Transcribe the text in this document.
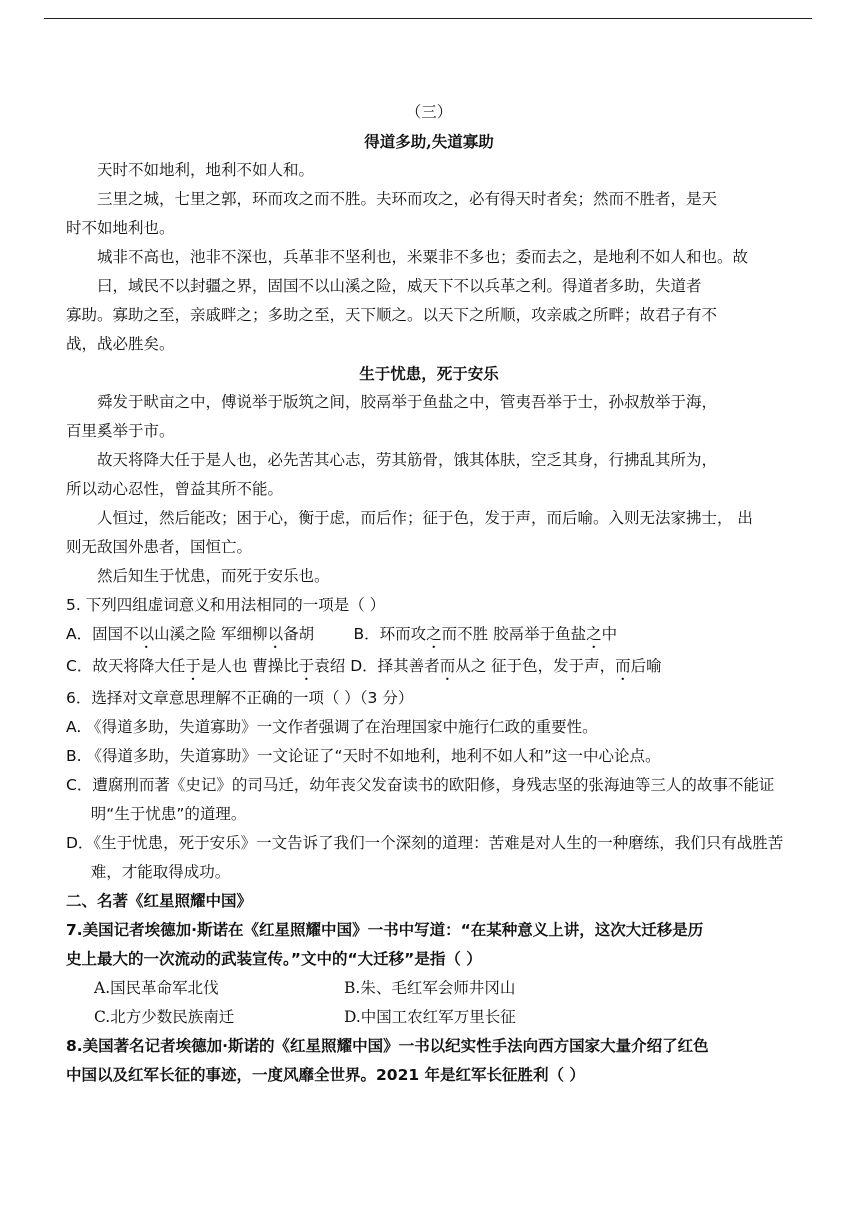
（三）
得道多助,失道寡助
天时不如地利，地利不如人和。
三里之城，七里之郭，环而攻之而不胜。夫环而攻之，必有得天时者矣；然而不胜者，是天
时不如地利也。
城非不高也，池非不深也，兵革非不坚利也，米粟非不多也；委而去之，是地利不如人和也。故
曰，域民不以封疆之界，固国不以山溪之险，威天下不以兵革之利。得道者多助，失道者
寡助。寡助之至，亲戚畔之；多助之至，天下顺之。以天下之所顺，攻亲戚之所畔；故君子有不
战，战必胜矣。
生于忧患，死于安乐
舜发于畎亩之中，傅说举于版筑之间，胶鬲举于鱼盐之中，管夷吾举于士，孙叔敖举于海，
百里奚举于市。
故天将降大任于是人也，必先苦其心志，劳其筋骨，饿其体肤，空乏其身，行拂乱其所为，
所以动心忍性，曾益其所不能。
人恒过，然后能改；困于心，衡于虑，而后作；征于色，发于声，而后喻。入则无法家拂士， 出
则无敌国外患者，国恒亡。
然后知生于忧患，而死于安乐也。
5. 下列四组虚词意义和用法相同的一项是（ ）
A．固国不以山溪之险 军细柳以备胡	B．环而攻之而不胜 胶鬲举于鱼盐之中
C．故天将降大任于是人也 曹操比于袁绍 D．择其善者而从之 征于色，发于声，而后喻
6．选择对文章意思理解不正确的一项（ ）（3 分）
A. 《得道多助，失道寡助》一文作者强调了在治理国家中施行仁政的重要性。
B. 《得道多助，失道寡助》一文论证了“天时不如地利，地利不如人和”这一中心论点。
C．遭腐刑而著《史记》的司马迁，幼年丧父发奋读书的欧阳修，身残志坚的张海迪等三人的故事不能证明“生于忧患”的道理。
D．《生于忧患，死于安乐》一文告诉了我们一个深刻的道理：苦难是对人生的一种磨练，我们只有战胜苦难，才能取得成功。
二、名著《红星照耀中国》
7.美国记者埃德加·斯诺在《红星照耀中国》一书中写道：“在某种意义上讲，这次大迁移是历
史上最大的一次流动的武装宣传。”文中的“大迁移”是指（ ）
A.国民革命军北伐	B.朱、毛红军会师井冈山
C.北方少数民族南迁	D.中国工农红军万里长征
8.美国著名记者埃德加·斯诺的《红星照耀中国》一书以纪实性手法向西方国家大量介绍了红色
中国以及红军长征的事迹，一度风靡全世界。2021 年是红军长征胜利（ ）
